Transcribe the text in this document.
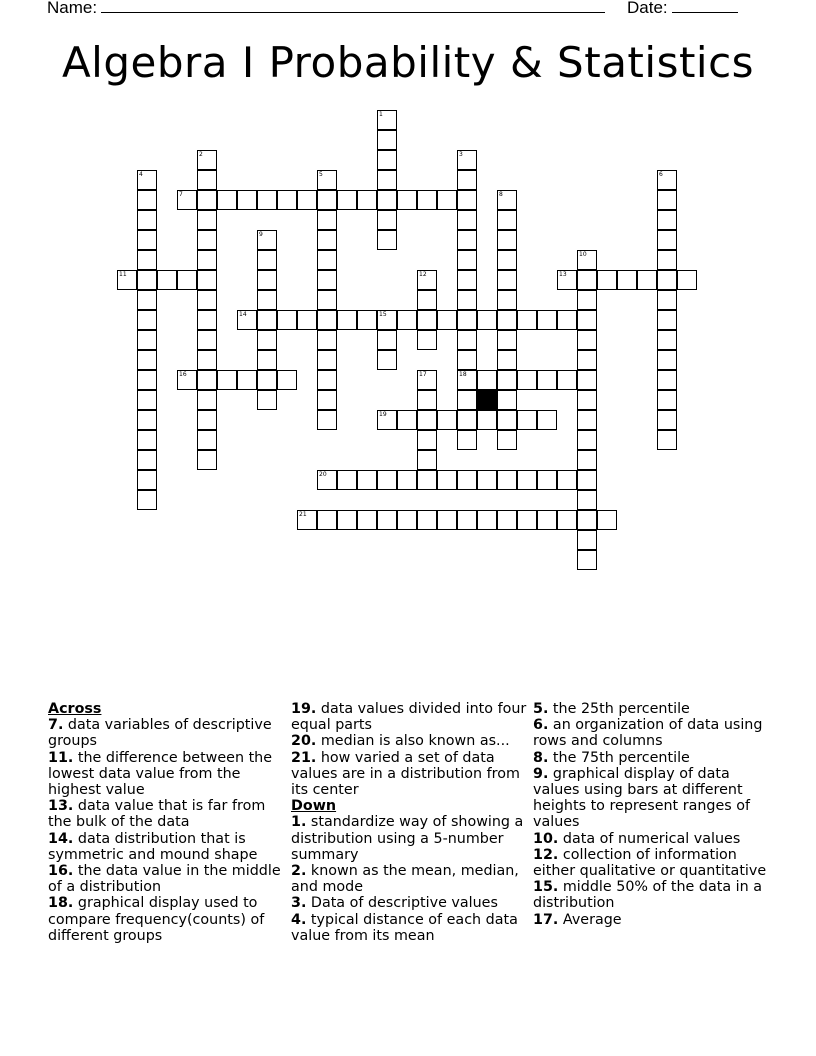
Name:	Date:
Algebra I Probability & Statistics
1
2	3
18
4	5	6
7	8
9
10
11	12	13
14	15
16	17
19
20
21
Across
7. data variables of descriptive groups
11. the difference between the lowest data value from the highest value
13. data value that is far from the bulk of the data
14. data distribution that is symmetric and mound shape
16. the data value in the middle of a distribution
18. graphical display used to compare frequency(counts) of different groups
19. data values divided into four equal parts
20. median is also known as...
21. how varied a set of data values are in a distribution from its center
Down
1. standardize way of showing a distribution using a 5-number summary
2. known as the mean, median, and mode
3. Data of descriptive values
4. typical distance of each data value from its mean
5. the 25th percentile
6. an organization of data using rows and columns
8. the 75th percentile
9. graphical display of data values using bars at different heights to represent ranges of values
10. data of numerical values
12. collection of information either qualitative or quantitative
15. middle 50% of the data in a distribution
17. Average
